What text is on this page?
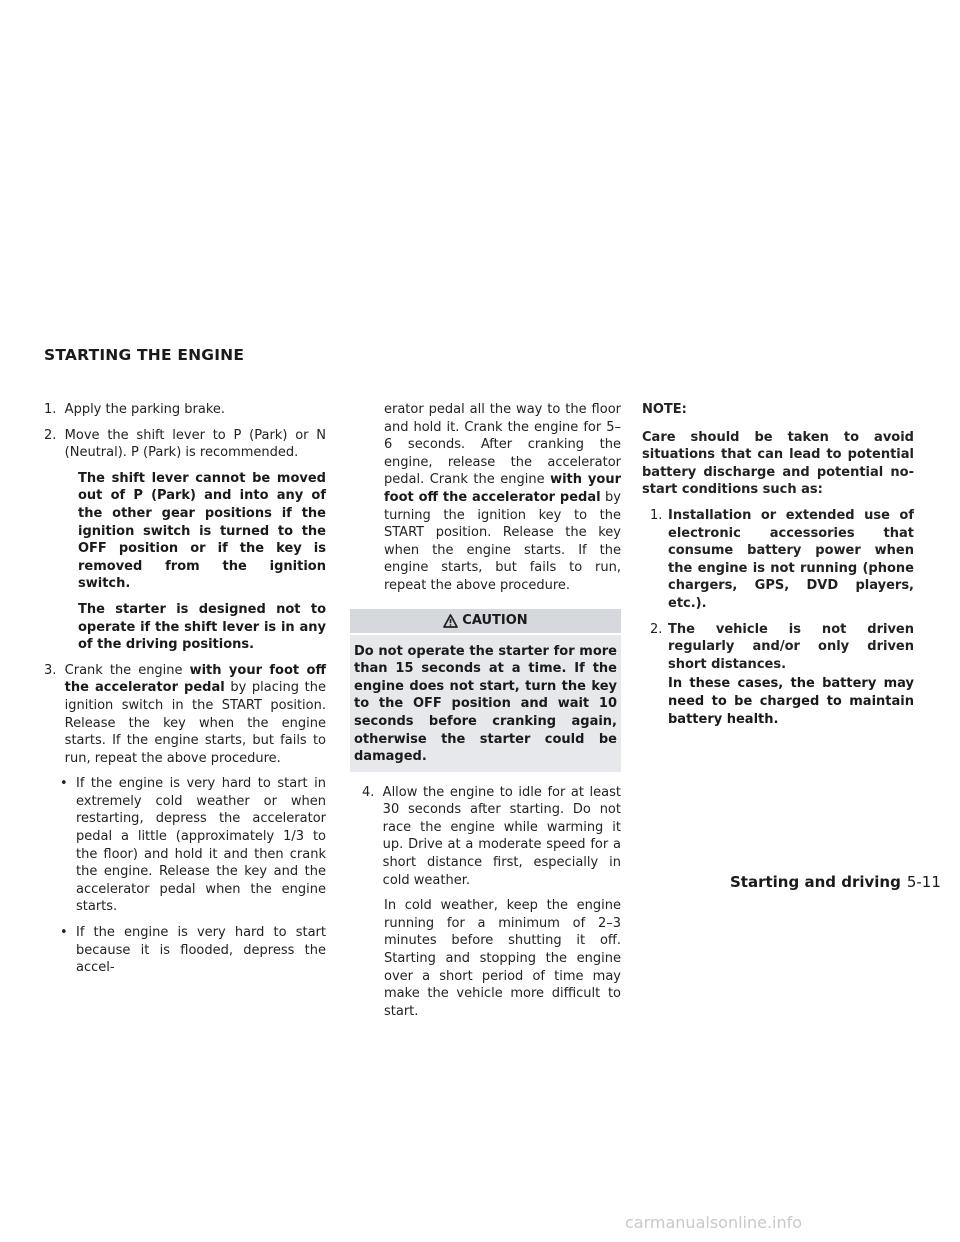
STARTING THE ENGINE
1. Apply the parking brake.
2. Move the shift lever to P (Park) or N (Neutral). P (Park) is recommended.

The shift lever cannot be moved out of P (Park) and into any of the other gear positions if the ignition switch is turned to the OFF position or if the key is removed from the ignition switch.

The starter is designed not to operate if the shift lever is in any of the driving positions.

3. Crank the engine with your foot off the accelerator pedal by placing the ignition switch in the START position. Release the key when the engine starts. If the engine starts, but fails to run, repeat the above procedure.
• If the engine is very hard to start in extremely cold weather or when restarting, depress the accelerator pedal a little (approximately 1/3 to the floor) and hold it and then crank the engine. Release the key and the accelerator pedal when the engine starts.
• If the engine is very hard to start because it is flooded, depress the accel-

erator pedal all the way to the floor and hold it. Crank the engine for 5–6 seconds. After cranking the engine, release the accelerator pedal. Crank the engine with your foot off the accelerator pedal by turning the ignition key to the START position. Release the key when the engine starts. If the engine starts, but fails to run, repeat the above procedure.

CAUTION
Do not operate the starter for more than 15 seconds at a time. If the engine does not start, turn the key to the OFF position and wait 10 seconds before cranking again, otherwise the starter could be damaged.
4. Allow the engine to idle for at least 30 seconds after starting. Do not race the engine while warming it up. Drive at a moderate speed for a short distance first, especially in cold weather.

In cold weather, keep the engine running for a minimum of 2–3 minutes before shutting it off. Starting and stopping the engine over a short period of time may make the vehicle more difficult to start.

NOTE:

Care should be taken to avoid situations that can lead to potential battery discharge and potential no-start conditions such as:

1. Installation or extended use of electronic accessories that consume battery power when the engine is not running (phone chargers, GPS, DVD players, etc.).
2. The vehicle is not driven regularly and/or only driven short distances.

In these cases, the battery may need to be charged to maintain battery health.

Starting and driving 5-11
carmanualsonline.info
